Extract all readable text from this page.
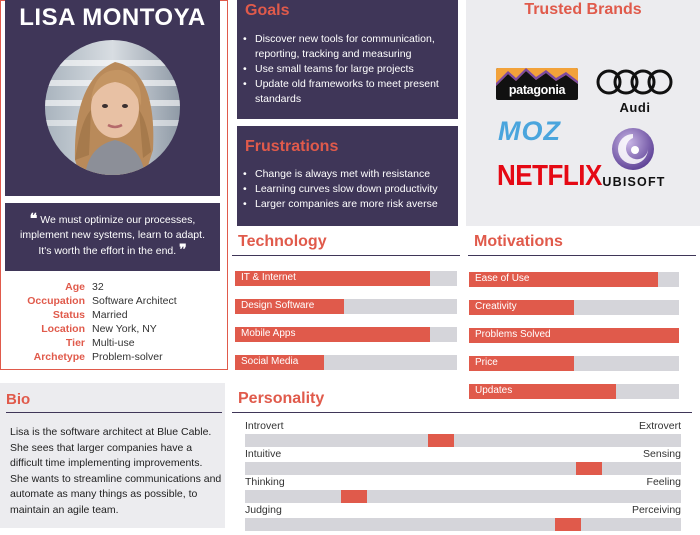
LISA MONTOYA
❝ We must optimize our processes, implement new systems, learn to adapt. It's worth the effort in the end. ❞
Age 32
Occupation Software Architect
Status Married
Location New York, NY
Tier Multi-use
Archetype Problem-solver
Bio
Lisa is the software architect at Blue Cable. She sees that larger companies have a difficult time implementing improvements. She wants to streamline communications and automate as many things as possible, to maintain an agile team.
Goals
• Discover new tools for communication, reporting, tracking and measuring
• Use small teams for large projects
• Update old frameworks to meet present standards
Frustrations
• Change is always met with resistance
• Learning curves slow down productivity
• Larger companies are more risk averse
Trusted Brands
patagonia
Audi
MOZ
NETFLIX UBISOFT
Technology
IT & Internet
Design Software
Mobile Apps
Social Media
Motivations
Ease of Use
Creativity
Problems Solved
Price
Updates
Personality
Introvert	Extrovert
Intuitive	Sensing
Thinking	Feeling
Judging	Perceiving
